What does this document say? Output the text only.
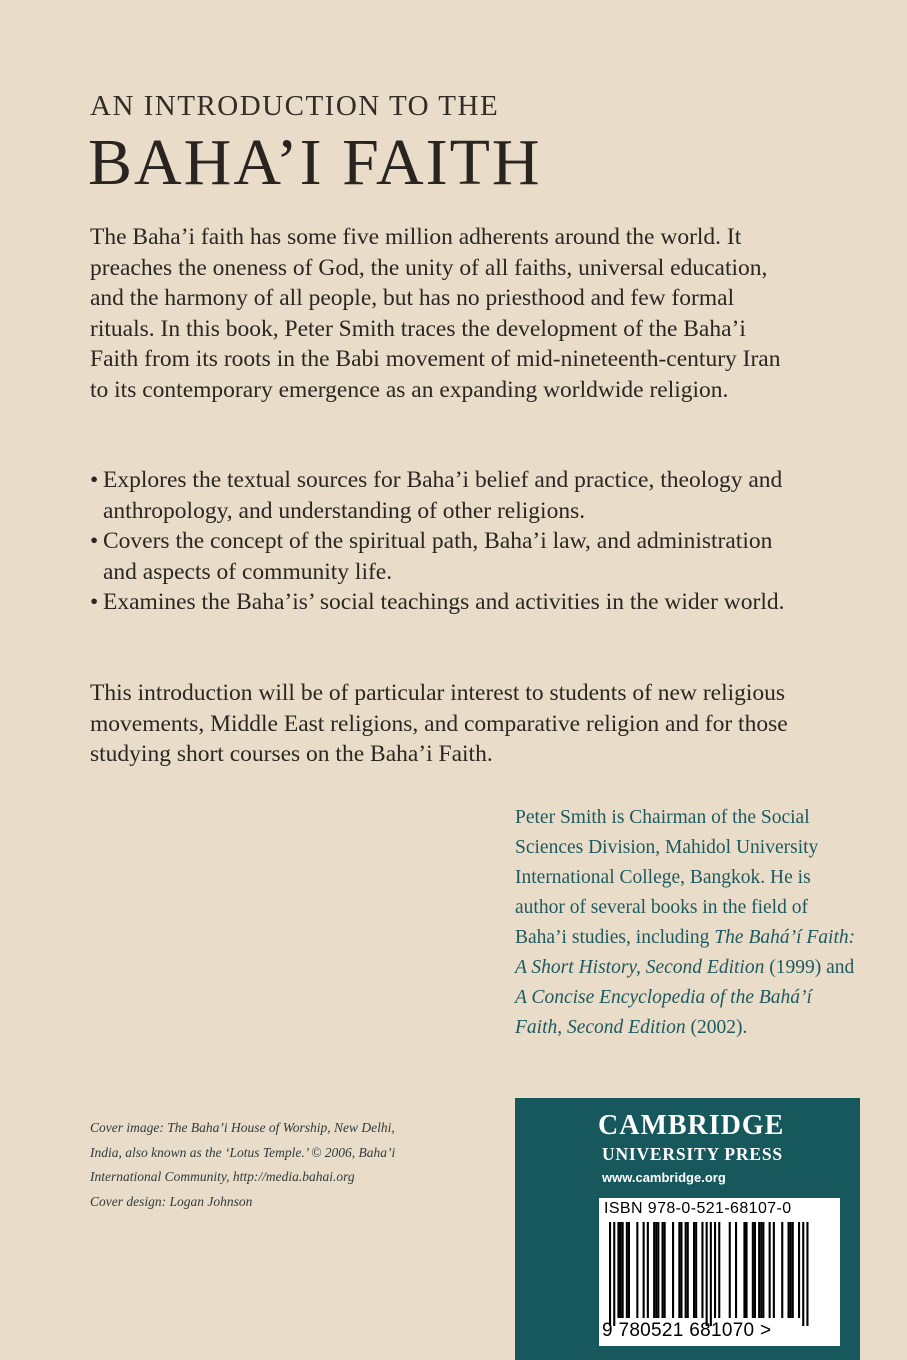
AN INTRODUCTION TO THE
BAHA’I FAITH

The Baha’i faith has some five million adherents around the world. It preaches the oneness of God, the unity of all faiths, universal education, and the harmony of all people, but has no priesthood and few formal rituals. In this book, Peter Smith traces the development of the Baha’i Faith from its roots in the Babi movement of mid-nineteenth-century Iran to its contemporary emergence as an expanding worldwide religion.

• Explores the textual sources for Baha’i belief and practice, theology and anthropology, and understanding of other religions.
• Covers the concept of the spiritual path, Baha’i law, and administration and aspects of community life.
• Examines the Baha’is’ social teachings and activities in the wider world.
This introduction will be of particular interest to students of new religious movements, Middle East religions, and comparative religion and for those studying short courses on the Baha’i Faith.
Peter Smith is Chairman of the Social Sciences Division, Mahidol University International College, Bangkok. He is author of several books in the field of Baha’i studies, including The Bahá’í Faith: A Short History, Second Edition (1999) and A Concise Encyclopedia of the Bahá’í Faith, Second Edition (2002).
Cover image: The Baha’i House of Worship, New Delhi,
India, also known as the ‘Lotus Temple.’ © 2006, Baha’i
International Community, http://media.bahai.org
Cover design: Logan Johnson
CAMBRIDGE
UNIVERSITY PRESS
www.cambridge.org
ISBN 978-0-521-68107-0
9 780521 681070 >
